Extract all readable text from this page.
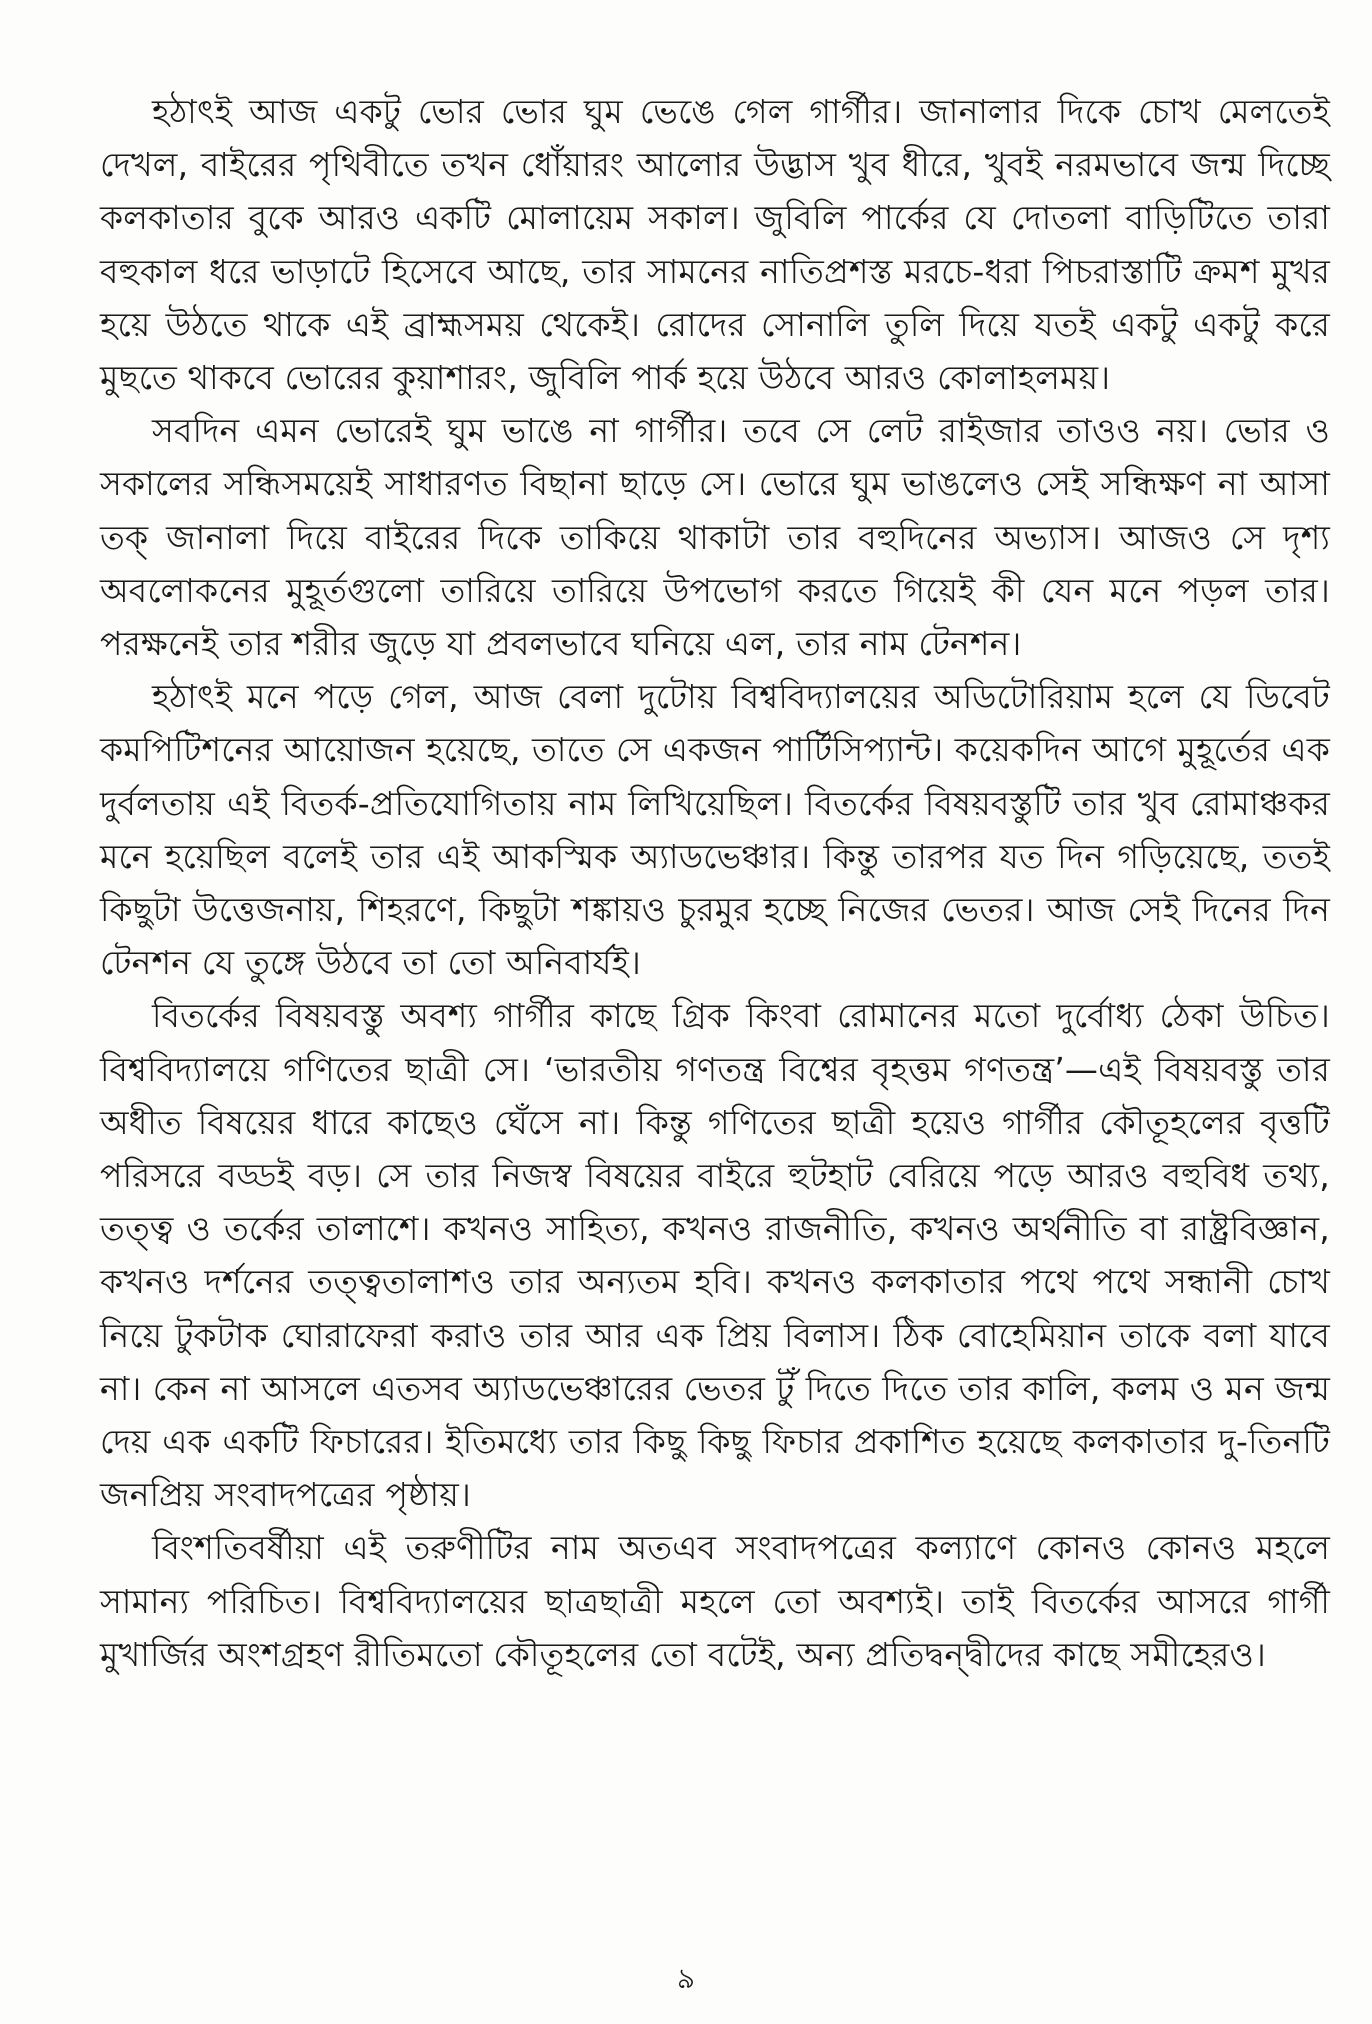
হঠাৎই আজ একটু ভোর ভোর ঘুম ভেঙে গেল গার্গীর। জানালার দিকে চোখ মেলতেই দেখল, বাইরের পৃথিবীতে তখন ধোঁয়ারং আলোর উদ্ভাস খুব ধীরে, খুবই নরমভাবে জন্ম দিচ্ছে কলকাতার বুকে আরও একটি মোলায়েম সকাল। জুবিলি পার্কের যে দোতলা বাড়িটিতে তারা বহুকাল ধরে ভাড়াটে হিসেবে আছে, তার সামনের নাতিপ্রশস্ত মরচে-ধরা পিচরাস্তাটি ক্রমশ মুখর হয়ে উঠতে থাকে এই ব্রাহ্মসময় থেকেই। রোদের সোনালি তুলি দিয়ে যতই একটু একটু করে মুছতে থাকবে ভোরের কুয়াশারং, জুবিলি পার্ক হয়ে উঠবে আরও কোলাহলময়।

সবদিন এমন ভোরেই ঘুম ভাঙে না গার্গীর। তবে সে লেট রাইজার তাওও নয়। ভোর ও সকালের সন্ধিসময়েই সাধারণত বিছানা ছাড়ে সে। ভোরে ঘুম ভাঙলেও সেই সন্ধিক্ষণ না আসা তক্ জানালা দিয়ে বাইরের দিকে তাকিয়ে থাকাটা তার বহুদিনের অভ্যাস। আজও সে দৃশ্য অবলোকনের মুহূর্তগুলো তারিয়ে তারিয়ে উপভোগ করতে গিয়েই কী যেন মনে পড়ল তার। পরক্ষনেই তার শরীর জুড়ে যা প্রবলভাবে ঘনিয়ে এল, তার নাম টেনশন।

হঠাৎই মনে পড়ে গেল, আজ বেলা দুটোয় বিশ্ববিদ্যালয়ের অডিটোরিয়াম হলে যে ডিবেট কমপিটিশনের আয়োজন হয়েছে, তাতে সে একজন পার্টিসিপ্যান্ট। কয়েকদিন আগে মুহূর্তের এক দুর্বলতায় এই বিতর্ক-প্রতিযোগিতায় নাম লিখিয়েছিল। বিতর্কের বিষয়বস্তুটি তার খুব রোমাঞ্চকর মনে হয়েছিল বলেই তার এই আকস্মিক অ্যাডভেঞ্চার। কিন্তু তারপর যত দিন গড়িয়েছে, ততই কিছুটা উত্তেজনায়, শিহরণে, কিছুটা শঙ্কায়ও চুরমুর হচ্ছে নিজের ভেতর। আজ সেই দিনের দিন টেনশন যে তুঙ্গে উঠবে তা তো অনিবার্যই।

বিতর্কের বিষয়বস্তু অবশ্য গার্গীর কাছে গ্রিক কিংবা রোমানের মতো দুর্বোধ্য ঠেকা উচিত। বিশ্ববিদ্যালয়ে গণিতের ছাত্রী সে। ‘ভারতীয় গণতন্ত্র বিশ্বের বৃহত্তম গণতন্ত্র’—এই বিষয়বস্তু তার অধীত বিষয়ের ধারে কাছেও ঘেঁসে না। কিন্তু গণিতের ছাত্রী হয়েও গার্গীর কৌতূহলের বৃত্তটি পরিসরে বড্ডই বড়। সে তার নিজস্ব বিষয়ের বাইরে হুটহাট বেরিয়ে পড়ে আরও বহুবিধ তথ্য, তত্ত্ব ও তর্কের তালাশে। কখনও সাহিত্য, কখনও রাজনীতি, কখনও অর্থনীতি বা রাষ্ট্রবিজ্ঞান, কখনও দর্শনের তত্ত্বতালাশও তার অন্যতম হবি। কখনও কলকাতার পথে পথে সন্ধানী চোখ নিয়ে টুকটাক ঘোরাফেরা করাও তার আর এক প্রিয় বিলাস। ঠিক বোহেমিয়ান তাকে বলা যাবে না। কেন না আসলে এতসব অ্যাডভেঞ্চারের ভেতর টুঁ দিতে দিতে তার কালি, কলম ও মন জন্ম দেয় এক একটি ফিচারের। ইতিমধ্যে তার কিছু কিছু ফিচার প্রকাশিত হয়েছে কলকাতার দু-তিনটি জনপ্রিয় সংবাদপত্রের পৃষ্ঠায়।

বিংশতিবর্ষীয়া এই তরুণীটির নাম অতএব সংবাদপত্রের কল্যাণে কোনও কোনও মহলে সামান্য পরিচিত। বিশ্ববিদ্যালয়ের ছাত্রছাত্রী মহলে তো অবশ্যই। তাই বিতর্কের আসরে গার্গী মুখার্জির অংশগ্রহণ রীতিমতো কৌতূহলের তো বটেই, অন্য প্রতিদ্বন্দ্বীদের কাছে সমীহেরও।

৯
